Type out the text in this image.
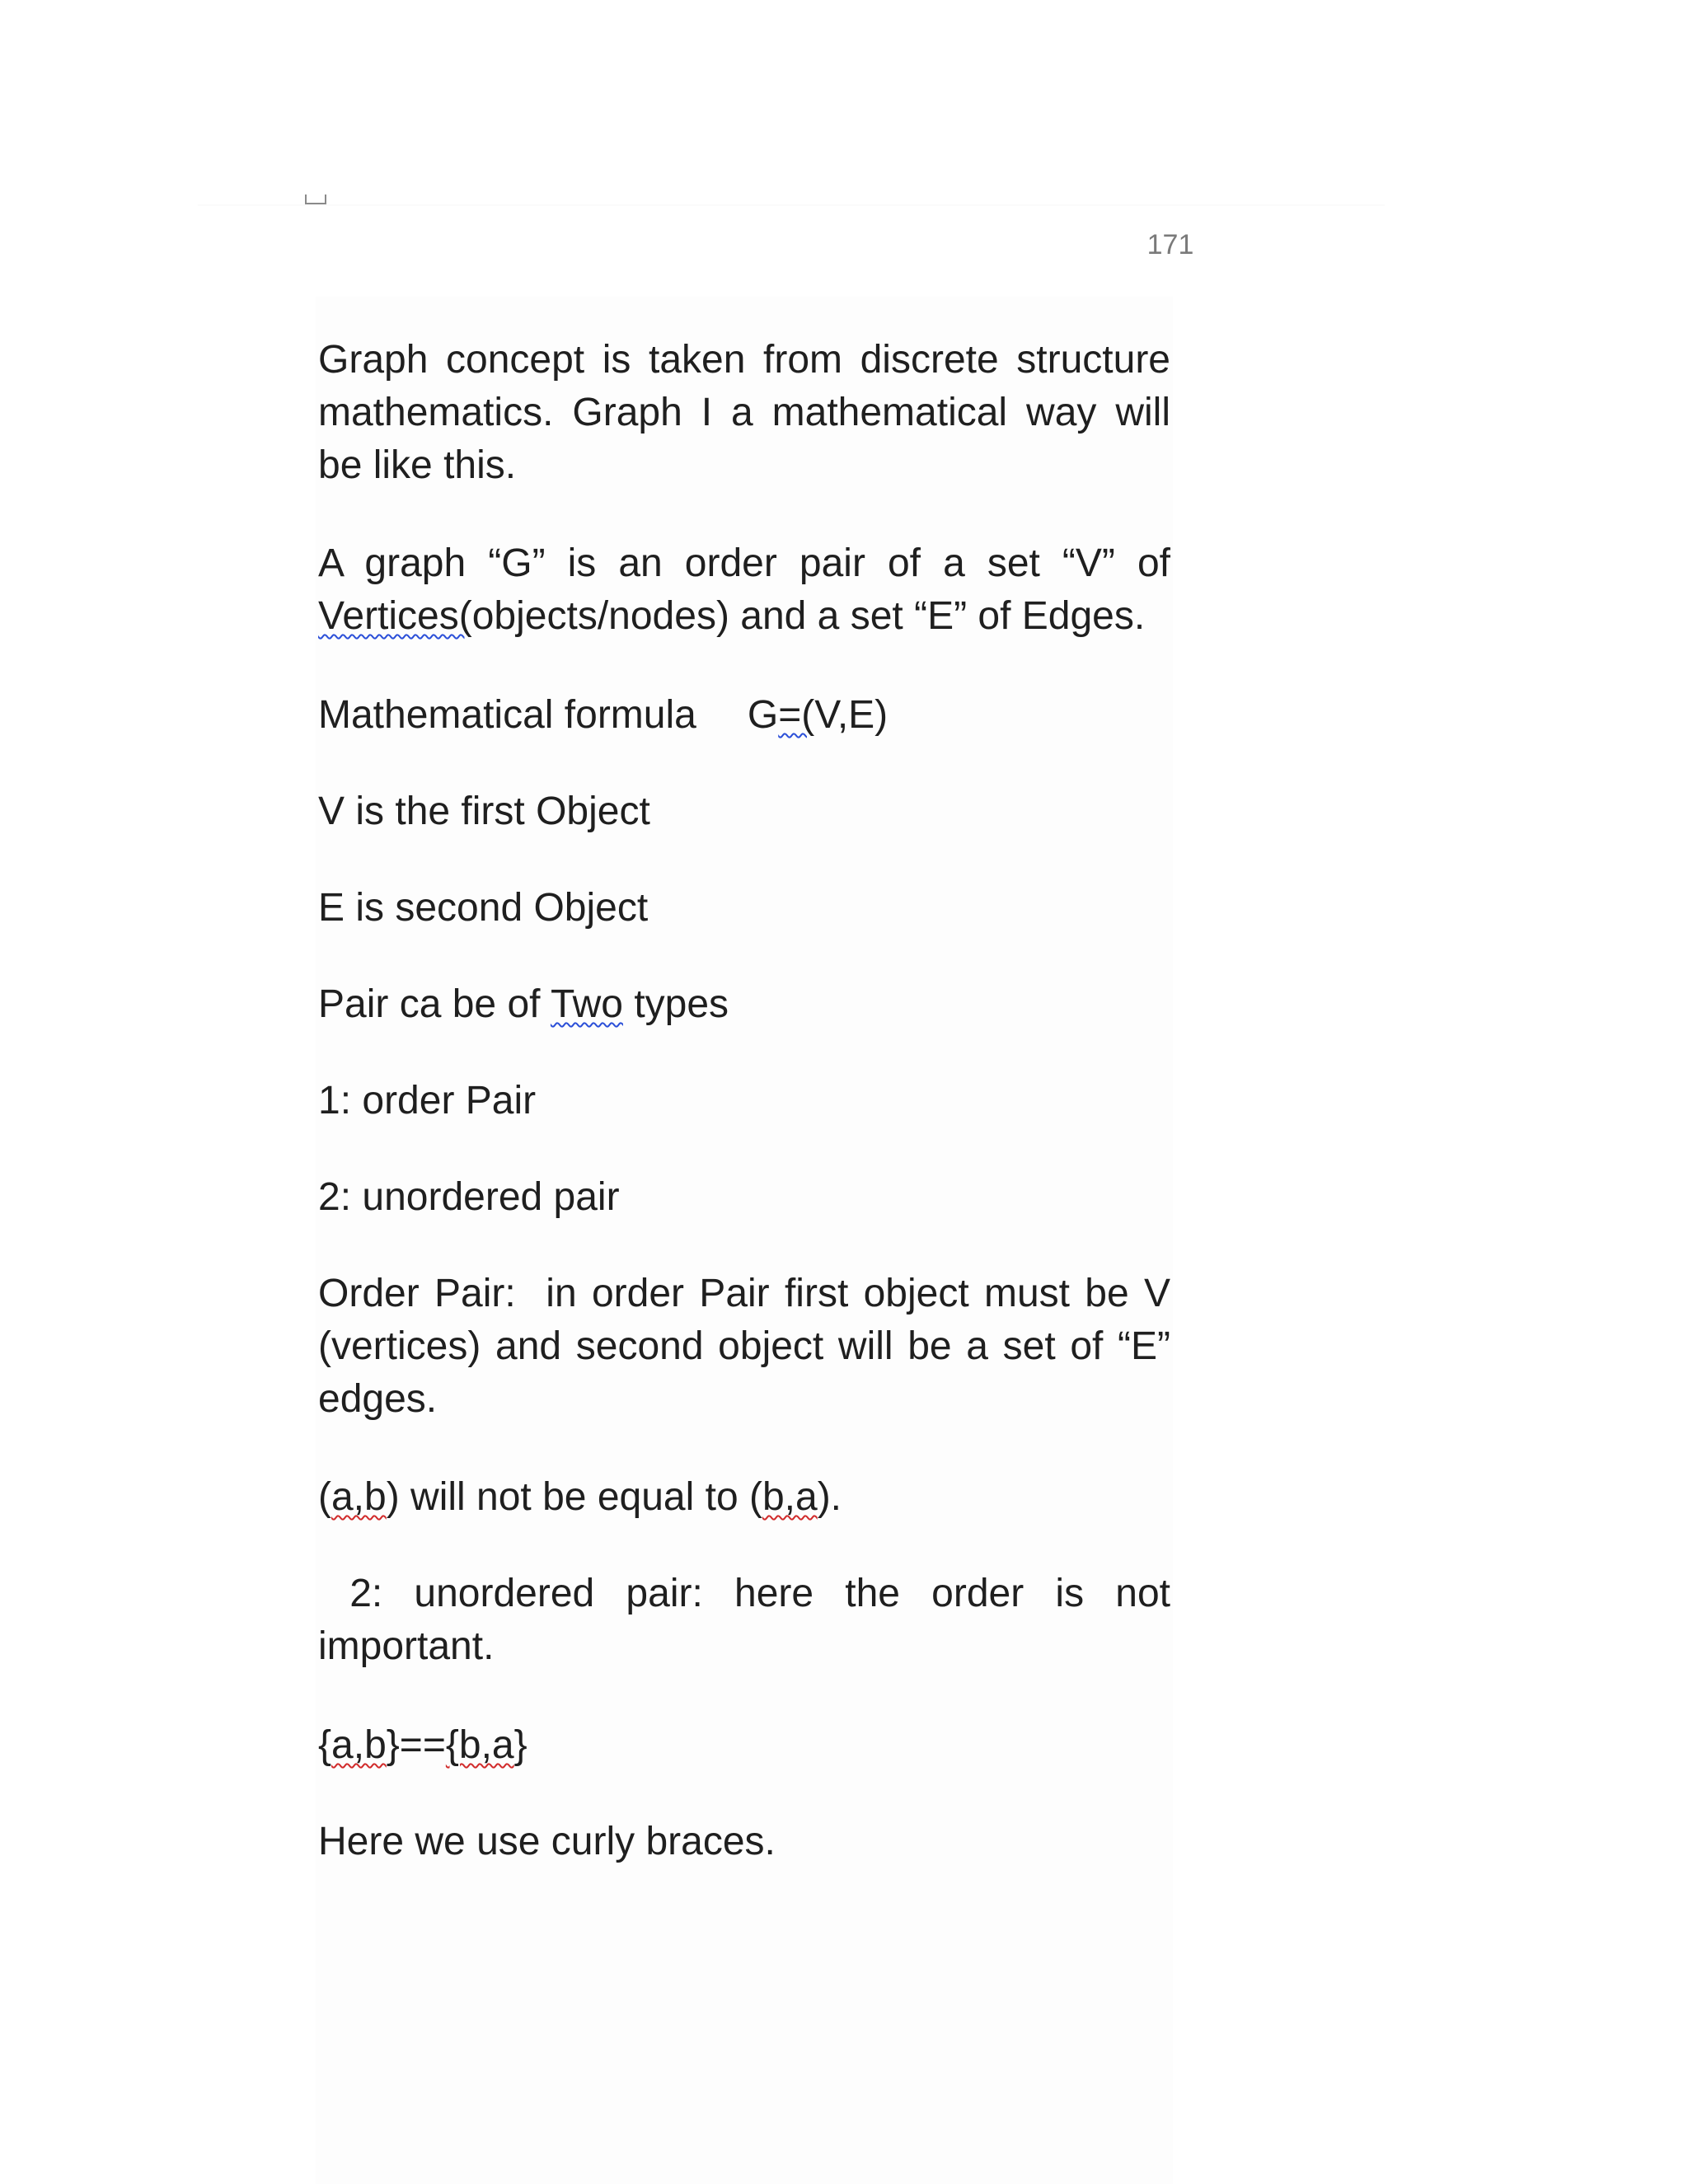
171

Graph concept is taken from discrete structure mathematics. Graph I a mathematical way will be like this.

A graph “G” is an order pair of a set “V” of Vertices(objects/nodes) and a set “E” of Edges.

Mathematical formula G=(V,E)

V is the first Object

E is second Object

Pair ca be of Two types

1: order Pair

2: unordered pair

Order Pair:  in order Pair first object must be V (vertices) and second object will be a set of “E” edges.

(a,b) will not be equal to (b,a).

2: unordered pair: here the order is not important.

{a,b}=={b,a}

Here we use curly braces.
